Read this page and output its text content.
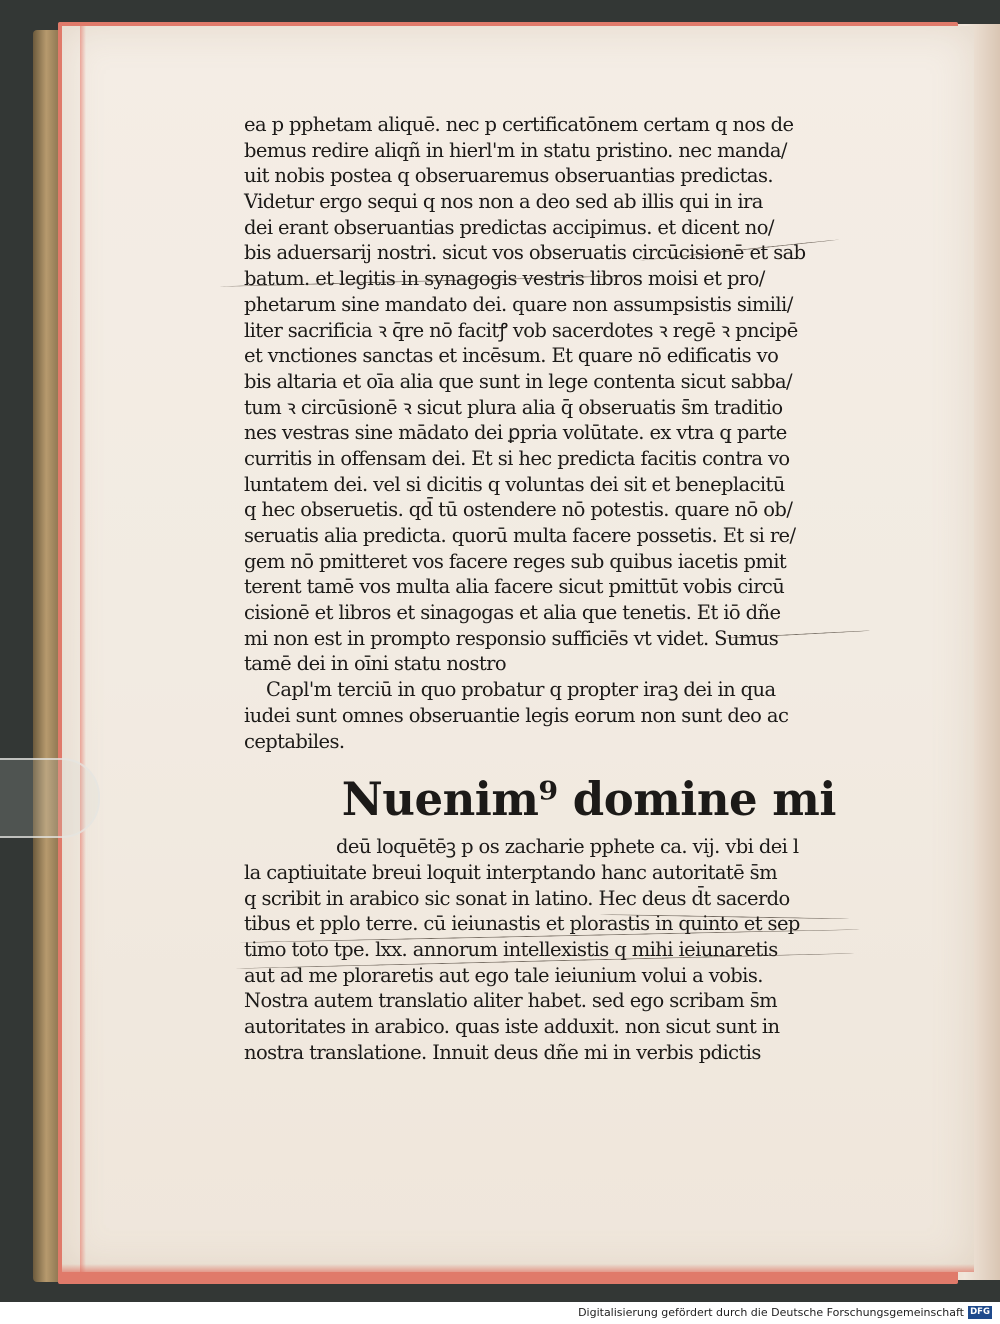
ea p pphetam aliquē. nec p certificatōnem certam q nos de
bemus redire aliqñ in hierl'm in statu pristino. nec manda/
uit nobis postea q obseruaremus obseruantias predictas.
Videtur ergo sequi q nos non a deo sed ab illis qui in ira
dei erant obseruantias predictas accipimus. et dicent no/
bis aduersarij nostri. sicut vos obseruatis circūcisionē et sab
batum. et legitis in synagogis vestris libros moisi et pro/
phetarum sine mandato dei. quare non assumpsistis simili/
liter sacrificia ꝛ q̄re nō facitꝭ vob sacerdotes ꝛ regē ꝛ pncipē
et vnctiones sanctas et incēsum. Et quare nō edificatis vo
bis altaria et oīa alia que sunt in lege contenta sicut sabba/
tum ꝛ circūsionē ꝛ sicut plura alia q̄ obseruatis s̄m traditio
nes vestras sine mādato dei ꝑpria volūtate. ex vtra q̧ parte
curritis in offensam dei. Et si hec predicta facitis contra vo
luntatem dei. vel si dicitis q voluntas dei sit et beneplacitū
q hec obseruetis. qd̄ tū ostendere nō potestis. quare nō ob/
seruatis alia predicta. quorū multa facere possetis. Et si re/
gem nō pmitteret vos facere reges sub quibus iacetis pmit
terent tamē vos multa alia facere sicut pmittūt vobis circū
cisionē et libros et sinagogas et alia que tenetis. Et iō dñe
mi non est in prompto responsio sufficiēs vt videt. Sumus
tamē dei in oīni statu nostro
Capl'm terciū in quo probatur q propter iraꝫ dei in qua
iudei sunt omnes obseruantie legis eorum non sunt deo ac
ceptabiles.
Nuenim⁹ domine mi
deū loquētēꝫ p os zacharie pphete ca. vij. vbi dei l
la captiuitate breui loquit interptando hanc autoritatē s̄m
q scribit in arabico sic sonat in latino. Hec deus d̄t sacerdo
tibus et pplo terre. cū ieiunastis et plorastis in quinto et sep
timo toto tpe. lxx. annorum intellexistis q mihi ieiunaretis
aut ad me ploraretis aut ego tale ieiunium volui a vobis.
Nostra autem translatio aliter habet. sed ego scribam s̄m
autoritates in arabico. quas iste adduxit. non sicut sunt in
nostra translatione. Innuit deus dñe mi in verbis pdictis
Digitalisierung gefördert durch die Deutsche Forschungsgemeinschaft DFG
